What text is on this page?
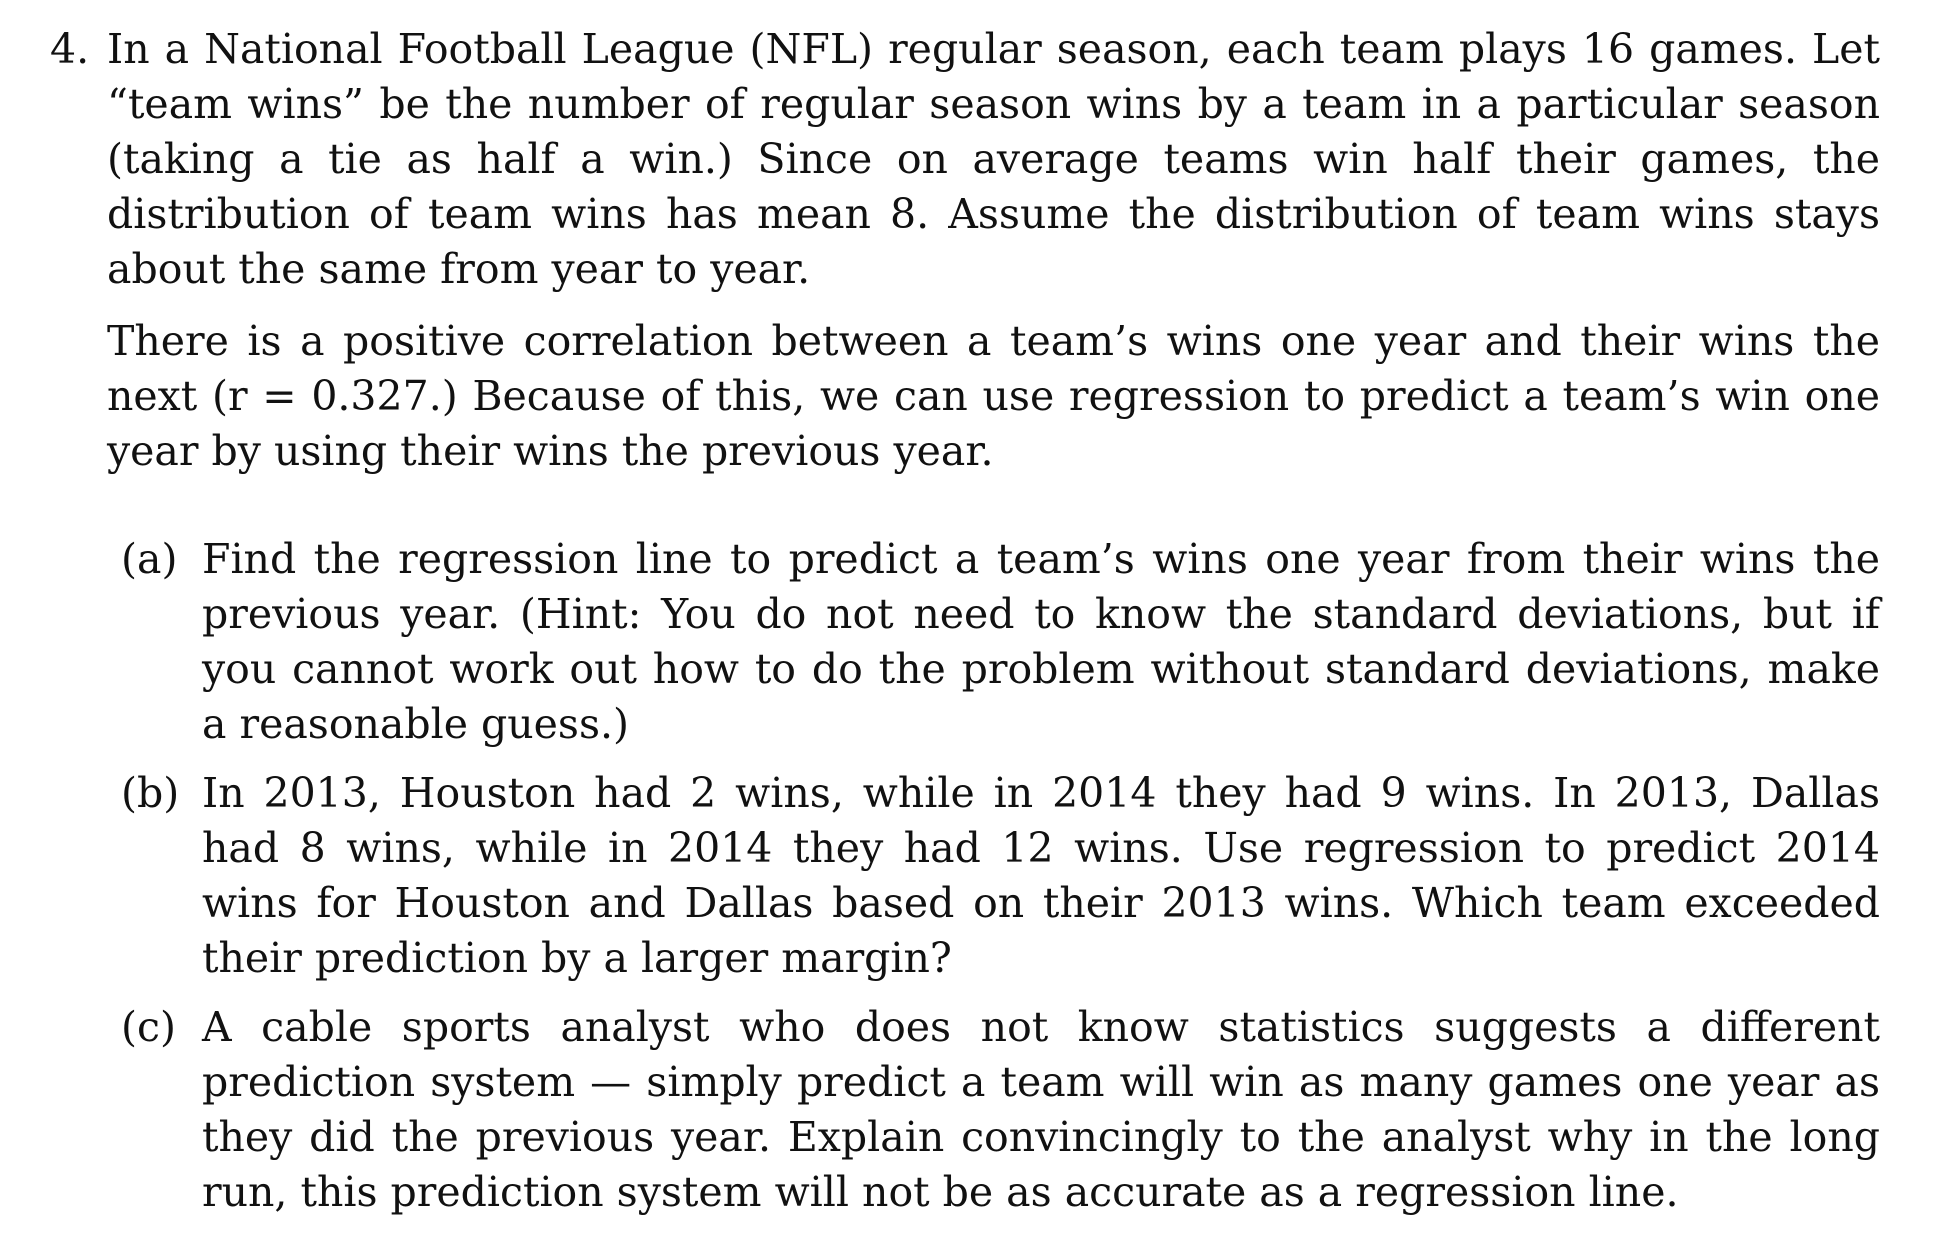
4. In a National Football League (NFL) regular season, each team plays 16 games. Let “team wins” be the number of regular season wins by a team in a particular season (taking a tie as half a win.) Since on average teams win half their games, the distribution of team wins has mean 8. Assume the distribution of team wins stays about the same from year to year.

There is a positive correlation between a team’s wins one year and their wins the next (r = 0.327.) Because of this, we can use regression to predict a team’s win one year by using their wins the previous year.

(a) Find the regression line to predict a team’s wins one year from their wins the previous year. (Hint: You do not need to know the standard deviations, but if you cannot work out how to do the problem without standard deviations, make a reasonable guess.)
(b) In 2013, Houston had 2 wins, while in 2014 they had 9 wins. In 2013, Dallas had 8 wins, while in 2014 they had 12 wins. Use regression to predict 2014 wins for Houston and Dallas based on their 2013 wins. Which team exceeded their prediction by a larger margin?
(c) A cable sports analyst who does not know statistics suggests a different prediction system — simply predict a team will win as many games one year as they did the previous year. Explain convincingly to the analyst why in the long run, this prediction system will not be as accurate as a regression line.
